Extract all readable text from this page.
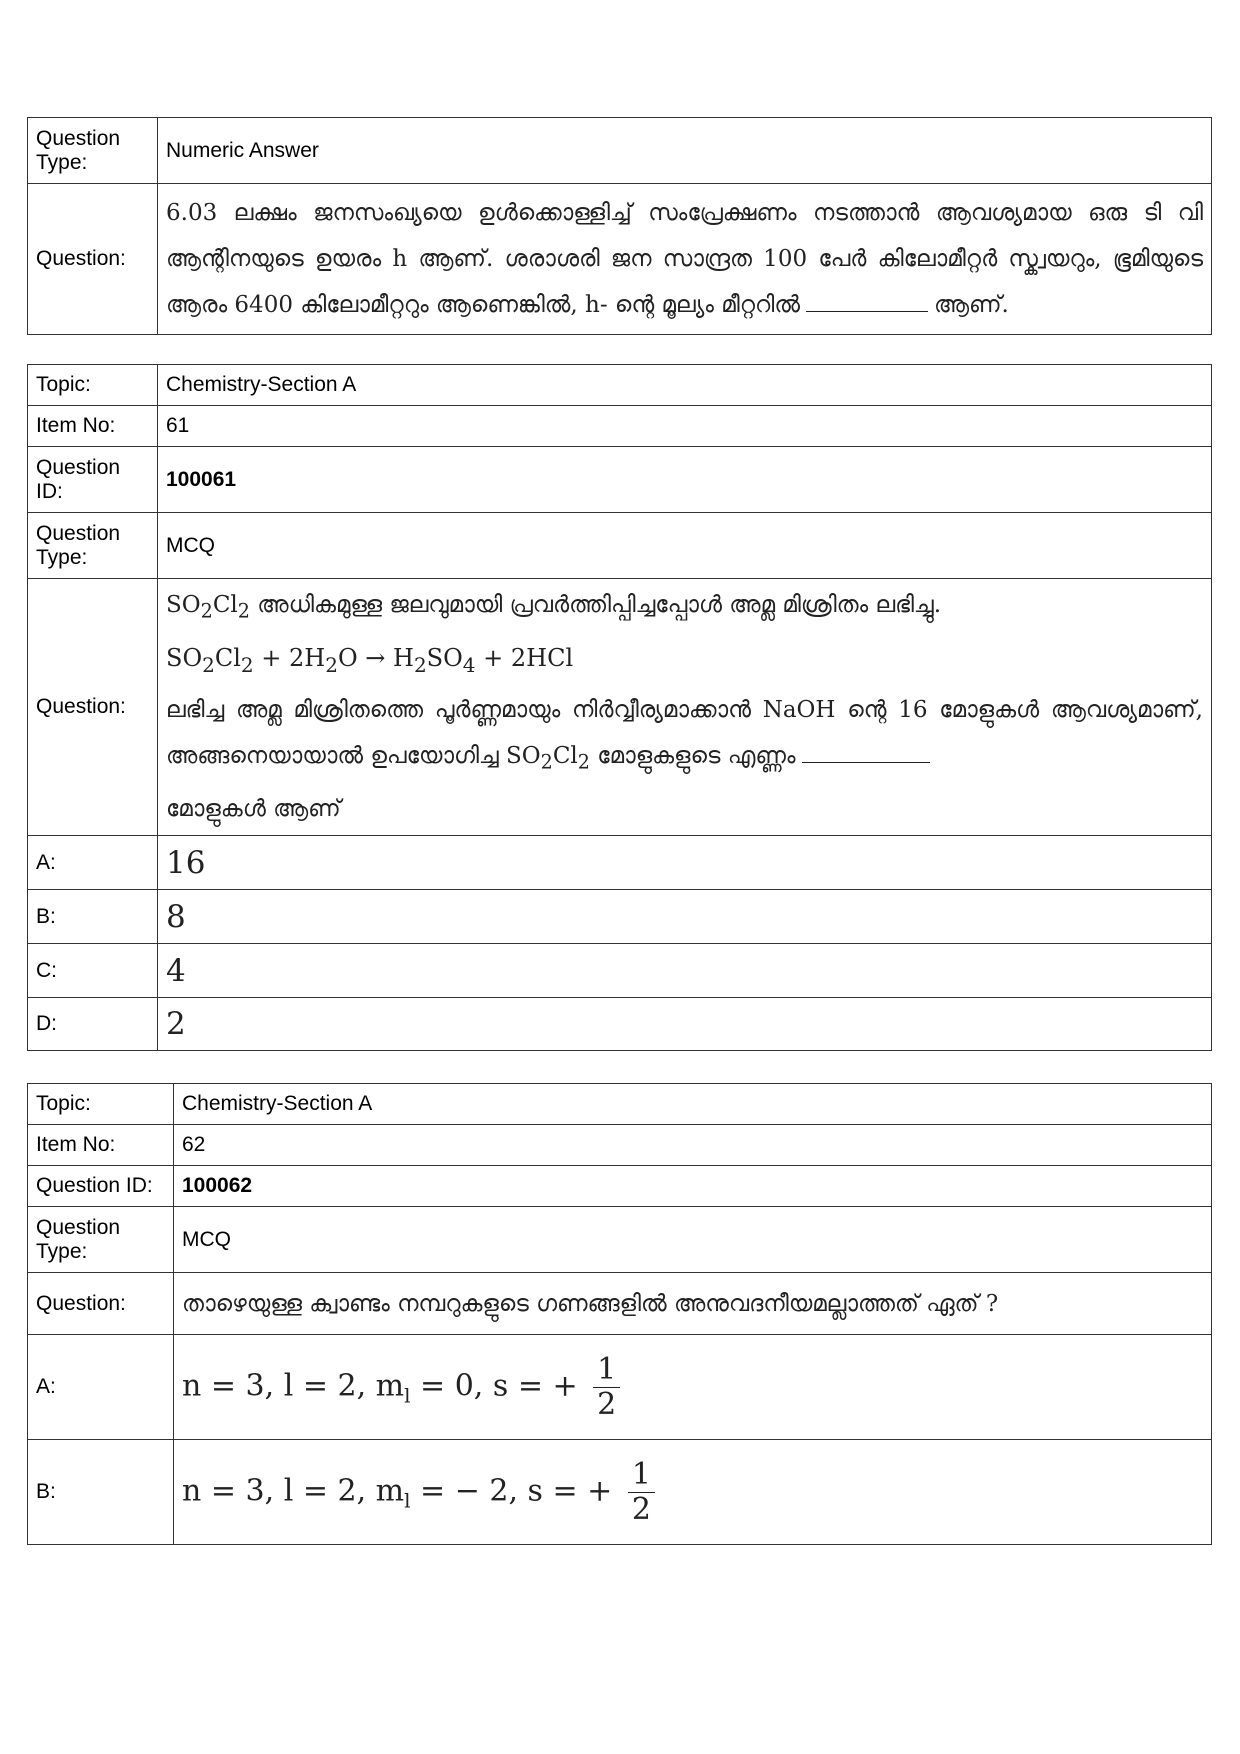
Question Type:	Numeric Answer
Question:	6.03 ലക്ഷം ജനസംഖ്യയെ ഉൾക്കൊള്ളിച്ച് സംപ്രേക്ഷണം നടത്താൻ ആവശ്യമായ ഒരു ടി വി ആന്റിനയുടെ ഉയരം h ആണ്. ശരാശരി ജന സാന്ദ്രത 100 പേർ കിലോമീറ്റർ സ്ക്വയറും, ഭൂമിയുടെ ആരം 6400 കിലോമീറ്ററും ആണെങ്കിൽ, h- ന്റെ മൂല്യം മീറ്ററിൽ ആണ്.
Topic:	Chemistry-Section A
Item No:	61
Question ID:	100061
Question Type:	MCQ
Question:	$SO_2Cl_2$ അധികമുള്ള ജലവുമായി പ്രവർത്തിപ്പിച്ചപ്പോൾ അമ്ല മിശ്രിതം ലഭിച്ചു.

$SO_2Cl_2 + 2H_2O \to H_2SO_4 + 2HCl$

ലഭിച്ച അമ്ല മിശ്രിതത്തെ പൂർണ്ണമായും നിർവ്വീര്യമാക്കാൻ NaOH ന്റെ 16 മോളുകൾ ആവശ്യമാണ്, അങ്ങനെയായാൽ ഉപയോഗിച്ച $SO_2Cl_2$ മോളുകളുടെ എണ്ണം

മോളുകൾ ആണ്

A:	16
B:	8
C:	4
D:	2
Topic:	Chemistry-Section A
Item No:	62
Question ID:	100062
Question Type:	MCQ
Question:	താഴെയുള്ള ക്വാണ്ടം നമ്പറുകളുടെ ഗണങ്ങളിൽ അനുവദനീയമല്ലാത്തത് ഏത് ?
A:	n = 3, l = 2, $m_l = 0$, s = + $\frac{1}{2}$

B:	n = 3, l = 2, $m_l$ = − 2, s = + $\frac{1}{2}$
